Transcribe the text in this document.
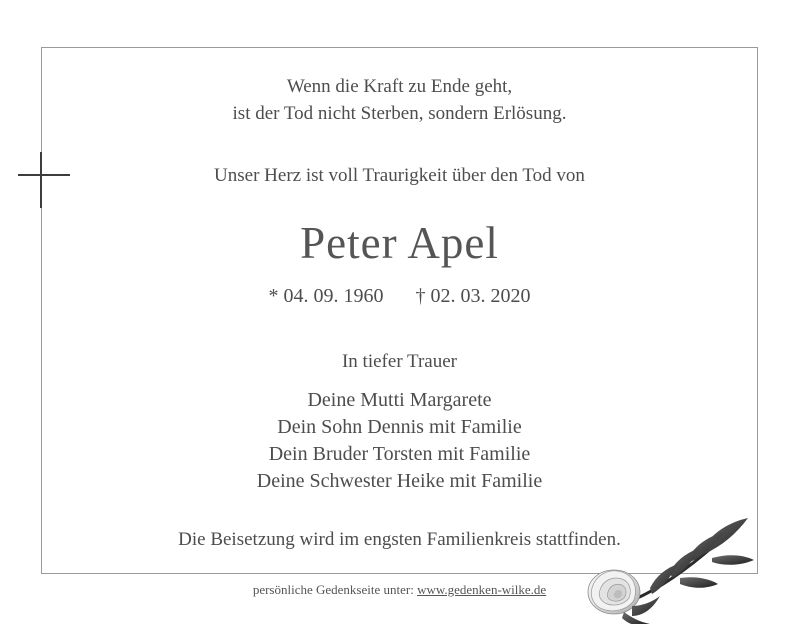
Wenn die Kraft zu Ende geht,
ist der Tod nicht Sterben, sondern Erlösung.
Unser Herz ist voll Traurigkeit über den Tod von
Peter Apel
* 04. 09. 1960 † 02. 03. 2020
In tiefer Trauer
Deine Mutti Margarete
Dein Sohn Dennis mit Familie
Dein Bruder Torsten mit Familie
Deine Schwester Heike mit Familie
Die Beisetzung wird im engsten Familienkreis stattfinden.
persönliche Gedenkseite unter: www.gedenken-wilke.de
